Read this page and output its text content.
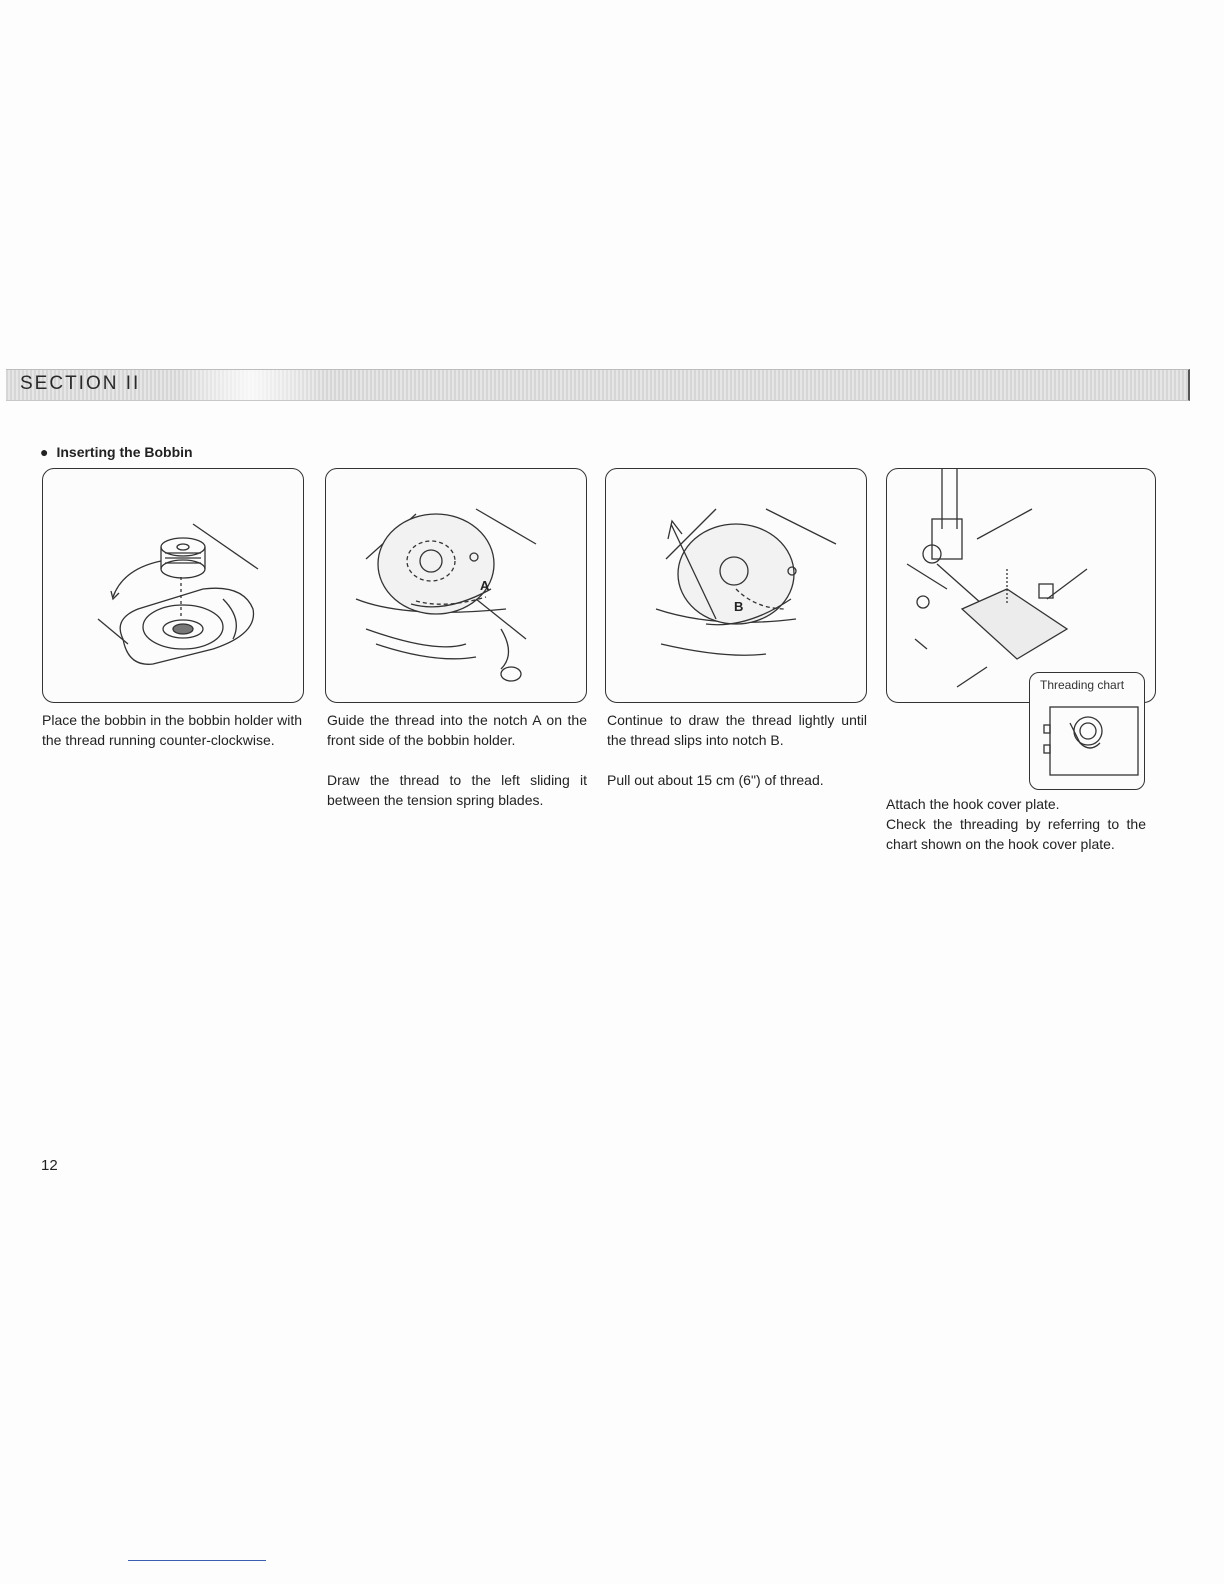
SECTION II
● Inserting the Bobbin
A
B
Threading chart
Place the bobbin in the bobbin holder with the thread running counter-clockwise.
Guide the thread into the notch A on the front side of the bobbin holder.
Draw the thread to the left sliding it between the tension spring blades.
Continue to draw the thread lightly until the thread slips into notch B.
Pull out about 15 cm (6") of thread.
Attach the hook cover plate.
Check the threading by referring to the chart shown on the hook cover plate.
12
